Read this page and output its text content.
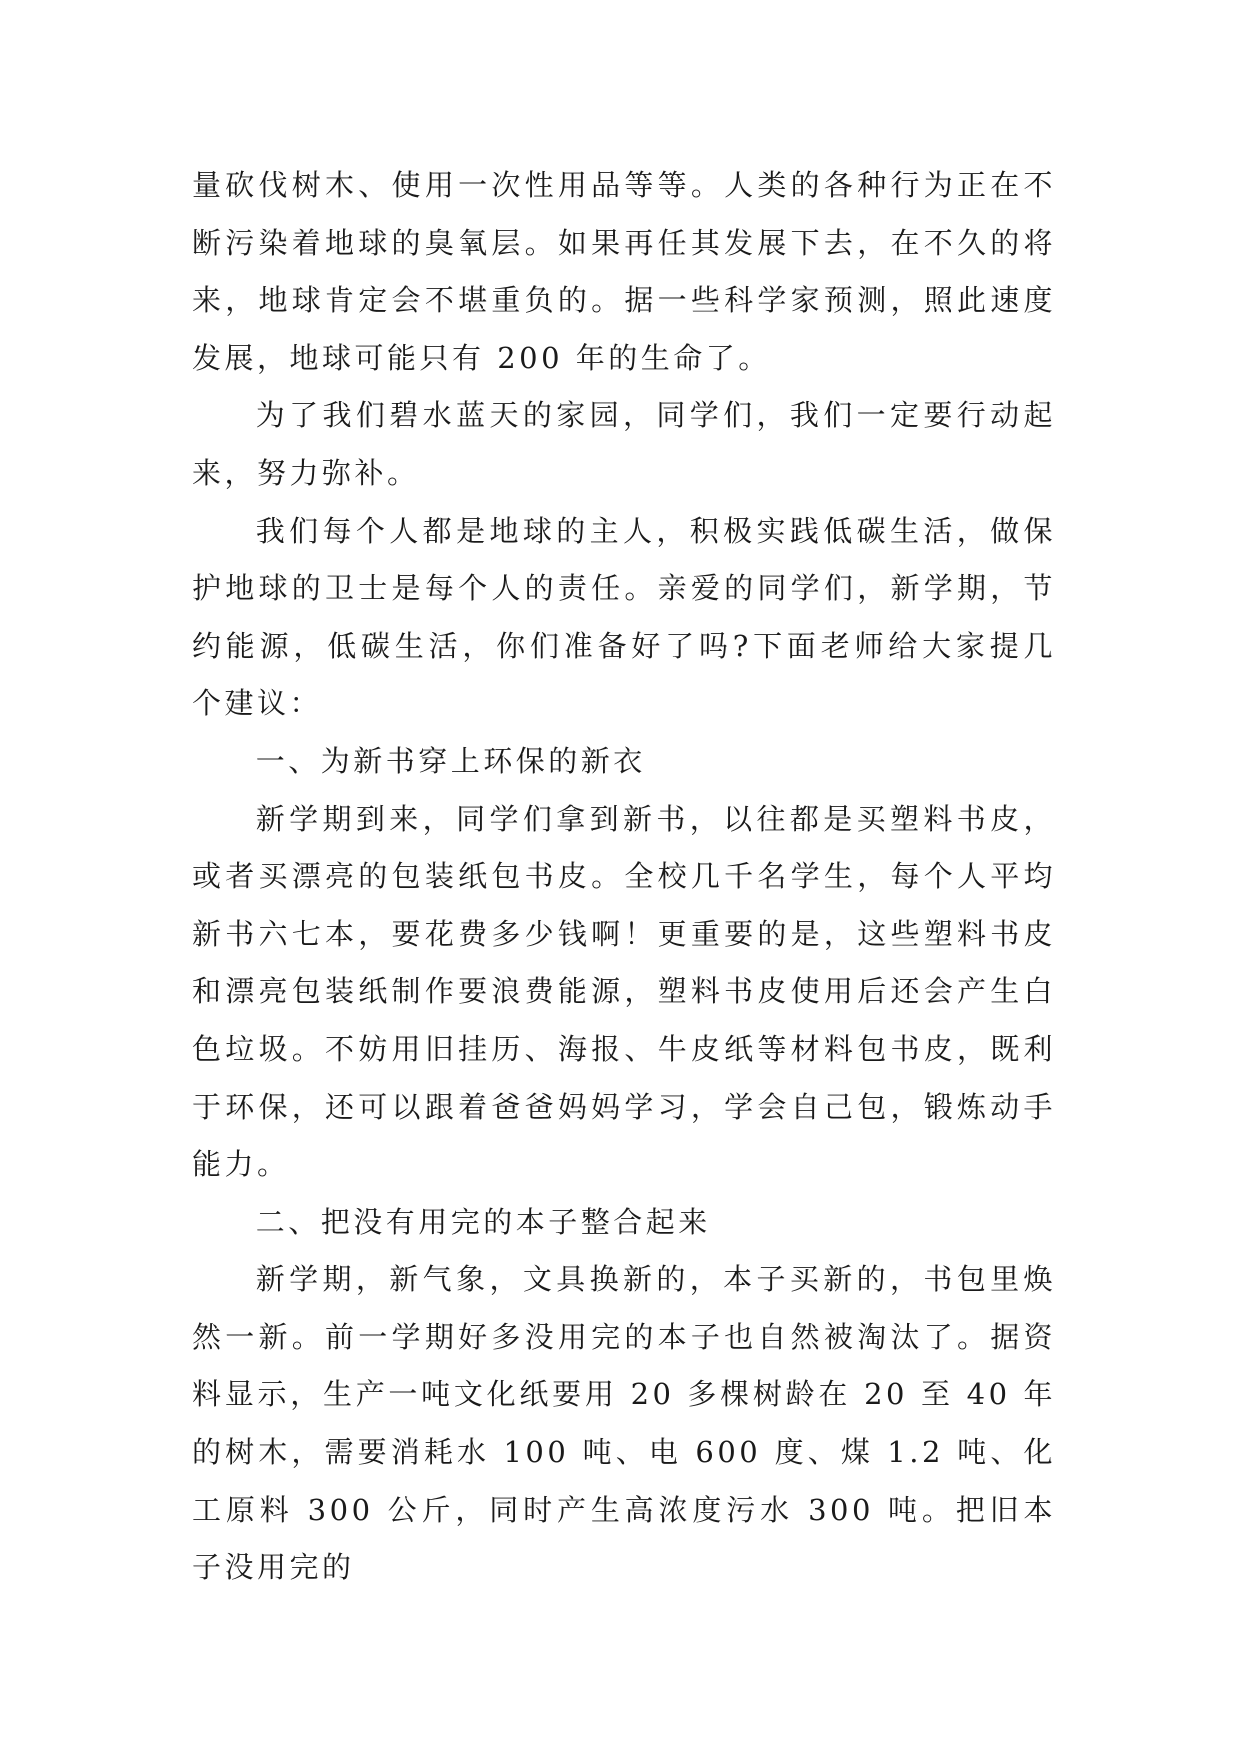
量砍伐树木、使用一次性用品等等。人类的各种行为正在不断污染着地球的臭氧层。如果再任其发展下去，在不久的将来，地球肯定会不堪重负的。据一些科学家预测，照此速度发展，地球可能只有 200 年的生命了。

为了我们碧水蓝天的家园，同学们，我们一定要行动起来，努力弥补。

我们每个人都是地球的主人，积极实践低碳生活，做保护地球的卫士是每个人的责任。亲爱的同学们，新学期，节约能源，低碳生活，你们准备好了吗?下面老师给大家提几个建议：

一、为新书穿上环保的新衣

新学期到来，同学们拿到新书，以往都是买塑料书皮，或者买漂亮的包装纸包书皮。全校几千名学生，每个人平均新书六七本，要花费多少钱啊！更重要的是，这些塑料书皮和漂亮包装纸制作要浪费能源，塑料书皮使用后还会产生白色垃圾。不妨用旧挂历、海报、牛皮纸等材料包书皮，既利于环保，还可以跟着爸爸妈妈学习，学会自己包，锻炼动手能力。

二、把没有用完的本子整合起来

新学期，新气象，文具换新的，本子买新的，书包里焕然一新。前一学期好多没用完的本子也自然被淘汰了。据资料显示，生产一吨文化纸要用 20 多棵树龄在 20 至 40 年的树木，需要消耗水 100 吨、电 600 度、煤 1.2 吨、化工原料 300 公斤，同时产生高浓度污水 300 吨。把旧本子没用完的
